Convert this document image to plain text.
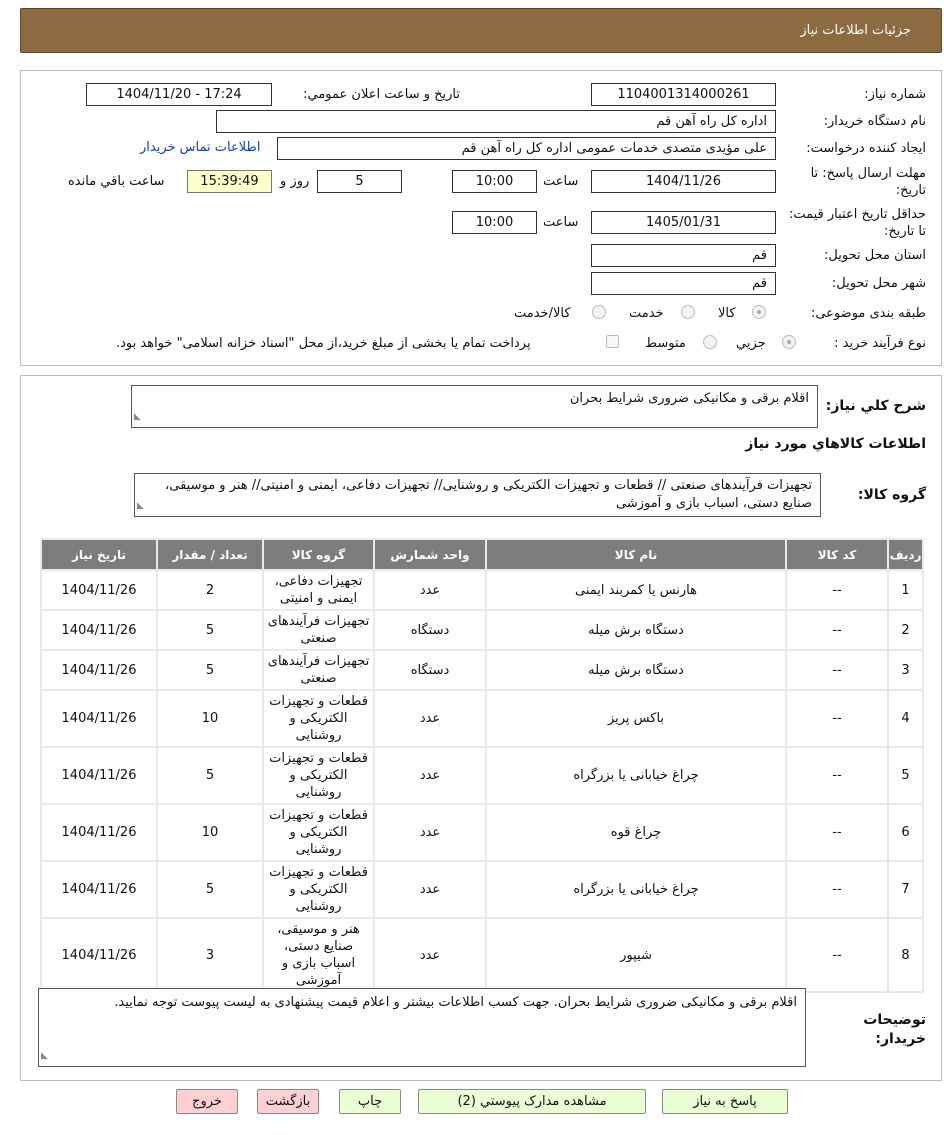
جزئیات اطلاعات نیاز
شماره نیاز:
1104001314000261
تاریخ و ساعت اعلان عمومي:
1404/11/20 - 17:24
نام دستگاه خریدار:
اداره کل راه آهن قم
ایجاد کننده درخواست:
علی مؤیدی متصدی خدمات عمومی اداره کل راه آهن قم
اطلاعات تماس خریدار
مهلت ارسال پاسخ: تا تاریخ:
1404/11/26
ساعت
10:00
5
روز و
15:39:49
ساعت باقي مانده
حداقل تاریخ اعتبار قیمت: تا تاریخ:
1405/01/31
ساعت
10:00
استان محل تحویل:
قم
شهر محل تحویل:
قم
طبقه بندی موضوعی:
کالا
خدمت
کالا/خدمت
نوع فرآیند خرید :
جزیي
متوسط
پرداخت تمام یا بخشی از مبلغ خرید،از محل "اسناد خزانه اسلامی" خواهد بود.
شرح کلي نیاز:
اقلام برقی و مکانیکی ضروری شرایط بحران
◢
اطلاعات کالاهاي مورد نیاز
گروه کالا:
تجهیزات فرآیندهای صنعتی // قطعات و تجهیزات الکتریکی و روشنایی// تجهیزات دفاعی، ایمنی و امنیتی// هنر و موسیقی، صنایع دستی، اسباب بازی و آموزشی
◢
ردیف	کد کالا	نام کالا	واحد شمارش	گروه کالا	تعداد / مقدار	تاریخ نیاز
1	--	هارنس یا کمربند ایمنی	عدد	تجهیزات دفاعی، ایمنی و امنیتی	2	1404/11/26
2	--	دستگاه برش میله	دستگاه	تجهیزات فرآیندهای صنعتی	5	1404/11/26
3	--	دستگاه برش میله	دستگاه	تجهیزات فرآیندهای صنعتی	5	1404/11/26
4	--	باکس پریز	عدد	قطعات و تجهیزات الکتریکی و روشنایی	10	1404/11/26
5	--	چراغ خیابانی یا بزرگراه	عدد	قطعات و تجهیزات الکتریکی و روشنایی	5	1404/11/26
6	--	چراغ قوه	عدد	قطعات و تجهیزات الکتریکی و روشنایی	10	1404/11/26
7	--	چراغ خیابانی یا بزرگراه	عدد	قطعات و تجهیزات الکتریکی و روشنایی	5	1404/11/26
8	--	شیپور	عدد	هنر و موسیقی، صنایع دستی، اسباب بازی و آموزشی	3	1404/11/26
توضیحات خریدار:
اقلام برقی و مکانیکی ضروری شرایط بحران. جهت کسب اطلاعات بیشتر و اعلام قیمت پیشنهادی به لیست پیوست توجه نمایید.
◢
پاسخ به نیاز
مشاهده مدارک پیوستي (2)
چاپ
بازگشت
خروج
